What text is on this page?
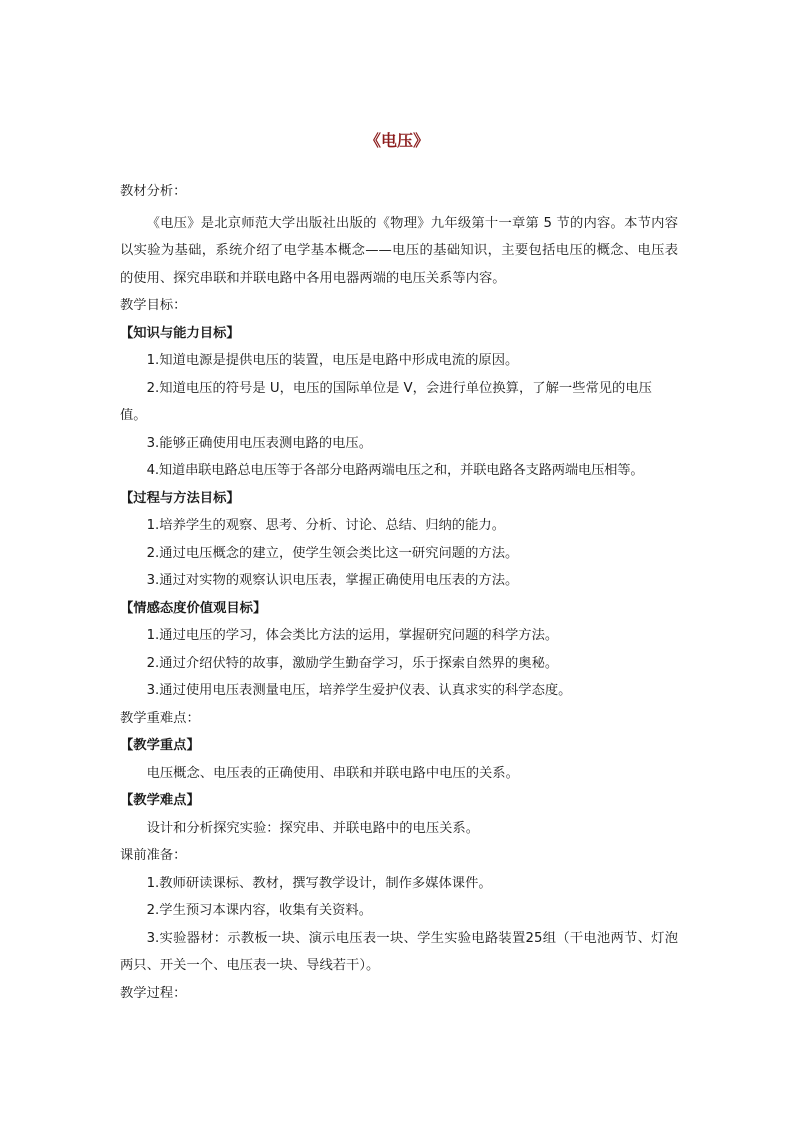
《电压》

教材分析：

《电压》是北京师范大学出版社出版的《物理》九年级第十一章第 5 节的内容。本节内容以实验为基础，系统介绍了电学基本概念——电压的基础知识，主要包括电压的概念、电压表的使用、探究串联和并联电路中各用电器两端的电压关系等内容。

教学目标：

【知识与能力目标】

1.知道电源是提供电压的装置，电压是电路中形成电流的原因。

2.知道电压的符号是 U，电压的国际单位是 V，会进行单位换算，了解一些常见的电压值。

3.能够正确使用电压表测电路的电压。

4.知道串联电路总电压等于各部分电路两端电压之和，并联电路各支路两端电压相等。

【过程与方法目标】

1.培养学生的观察、思考、分析、讨论、总结、归纳的能力。

2.通过电压概念的建立，使学生领会类比这一研究问题的方法。

3.通过对实物的观察认识电压表，掌握正确使用电压表的方法。

【情感态度价值观目标】

1.通过电压的学习，体会类比方法的运用，掌握研究问题的科学方法。

2.通过介绍伏特的故事，激励学生勤奋学习，乐于探索自然界的奥秘。

3.通过使用电压表测量电压，培养学生爱护仪表、认真求实的科学态度。

教学重难点：

【教学重点】

电压概念、电压表的正确使用、串联和并联电路中电压的关系。

【教学难点】

设计和分析探究实验：探究串、并联电路中的电压关系。

课前准备：

1.教师研读课标、教材，撰写教学设计，制作多媒体课件。

2.学生预习本课内容，收集有关资料。

3.实验器材：示教板一块、演示电压表一块、学生实验电路装置25组（干电池两节、灯泡两只、开关一个、电压表一块、导线若干）。

教学过程：
